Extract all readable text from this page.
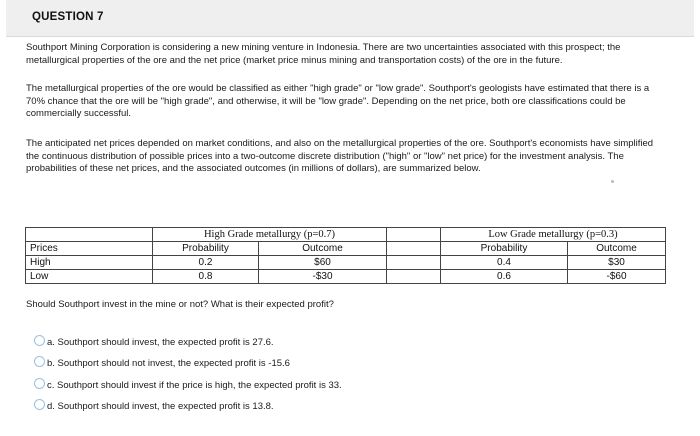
QUESTION 7
Southport Mining Corporation is considering a new mining venture in Indonesia. There are two uncertainties associated with this prospect; the metallurgical properties of the ore and the net price (market price minus mining and transportation costs) of the ore in the future.
The metallurgical properties of the ore would be classified as either "high grade" or "low grade". Southport's geologists have estimated that there is a 70% chance that the ore will be "high grade", and otherwise, it will be "low grade". Depending on the net price, both ore classifications could be commercially successful.
The anticipated net prices depended on market conditions, and also on the metallurgical properties of the ore. Southport's economists have simplified the continuous distribution of possible prices into a two-outcome discrete distribution ("high" or "low" net price) for the investment analysis. The probabilities of these net prices, and the associated outcomes (in millions of dollars), are summarized below.
	High Grade metallurgy (p=0.7)			Low Grade metallurgy (p=0.3)	
Prices	Probability	Outcome		Probability	Outcome
High	0.2	$60		0.4	$30
Low	0.8	-$30		0.6	-$60
Should Southport invest in the mine or not? What is their expected profit?
a. Southport should invest, the expected profit is 27.6.
b. Southport should not invest, the expected profit is -15.6
c. Southport should invest if the price is high, the expected profit is 33.
d. Southport should invest, the expected profit is 13.8.
